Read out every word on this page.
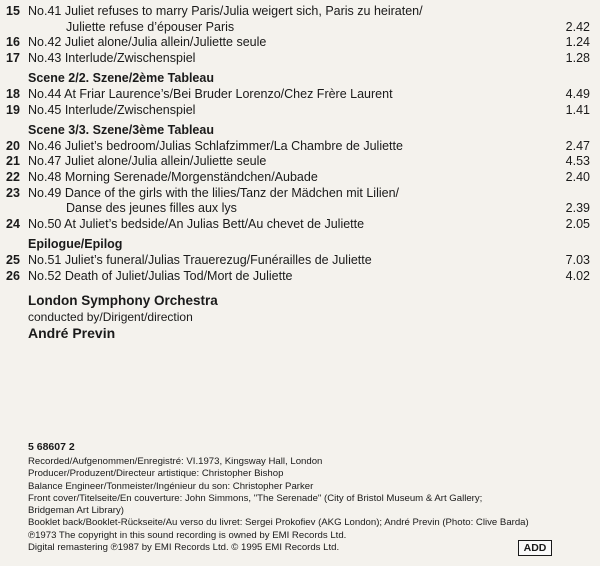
15 No.41 Juliet refuses to marry Paris/Julia weigert sich, Paris zu heiraten/
Juliette refuse d’épouser Paris	2.42
16 No.42 Juliet alone/Julia allein/Juliette seule	1.24
17 No.43 Interlude/Zwischenspiel	1.28
Scene 2/2. Szene/2ème Tableau
18 No.44 At Friar Laurence’s/Bei Bruder Lorenzo/Chez Frère Laurent	4.49
19 No.45 Interlude/Zwischenspiel	1.41
Scene 3/3. Szene/3ème Tableau
20 No.46 Juliet’s bedroom/Julias Schlafzimmer/La Chambre de Juliette	2.47
21 No.47 Juliet alone/Julia allein/Juliette seule	4.53
22 No.48 Morning Serenade/Morgenständchen/Aubade	2.40
23 No.49 Dance of the girls with the lilies/Tanz der Mädchen mit Lilien/
Danse des jeunes filles aux lys	2.39
24 No.50 At Juliet’s bedside/An Julias Bett/Au chevet de Juliette	2.05
Epilogue/Epilog
25 No.51 Juliet’s funeral/Julias Trauerezug/Funérailles de Juliette	7.03
26 No.52 Death of Juliet/Julias Tod/Mort de Juliette	4.02
London Symphony Orchestra
conducted by/Dirigent/direction
André Previn
5 68607 2
Recorded/Aufgenommen/Enregistré: VI.1973, Kingsway Hall, London
Producer/Produzent/Directeur artistique: Christopher Bishop
Balance Engineer/Tonmeister/Ingénieur du son: Christopher Parker
Front cover/Titelseite/En couverture: John Simmons, "The Serenade" (City of Bristol Museum & Art Gallery;
Bridgeman Art Library)
Booklet back/Booklet-Rückseite/Au verso du livret: Sergei Prokofiev (AKG London); André Previn (Photo: Clive Barda)
℗1973 The copyright in this sound recording is owned by EMI Records Ltd.
Digital remastering ℗1987 by EMI Records Ltd. © 1995 EMI Records Ltd.	ADD
